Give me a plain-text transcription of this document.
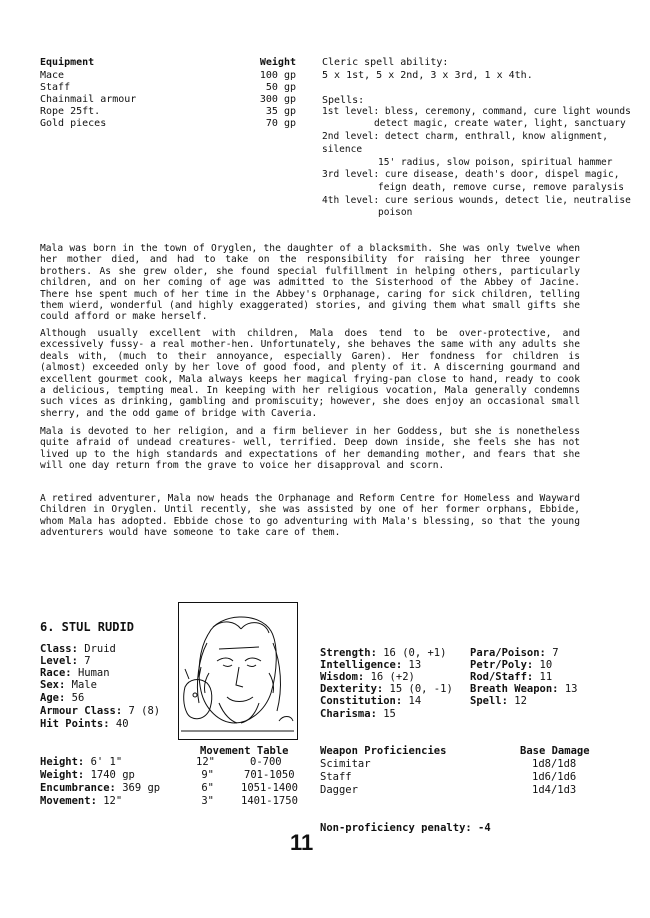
Equipment	Weight
Mace	100 gp
Staff	50 gp
Chainmail armour	300 gp
Rope 25ft.	35 gp
Gold pieces	70 gp
Cleric spell ability:
5 x 1st, 5 x 2nd, 3 x 3rd, 1 x 4th.
Spells:
1st level: bless, ceremony, command, cure light wounds
detect magic, create water, light, sanctuary
2nd level: detect charm, enthrall, know alignment,
silence
15' radius, slow poison, spiritual hammer
3rd level: cure disease, death's door, dispel magic,
feign death, remove curse, remove paralysis
4th level: cure serious wounds, detect lie, neutralise
poison
Mala was born in the town of Oryglen, the daughter of a blacksmith. She was only twelve when her mother died, and had to take on the responsibility for raising her three younger brothers. As she grew older, she found special fulfillment in helping others, particularly children, and on her coming of age was admitted to the Sisterhood of the Abbey of Jacine. There hse spent much of her time in the Abbey's Orphanage, caring for sick children, telling them wierd, wonderful (and highly exaggerated) stories, and giving them what small gifts she could afford or make herself.
Although usually excellent with children, Mala does tend to be over-protective, and excessively fussy- a real mother-hen. Unfortunately, she behaves the same with any adults she deals with, (much to their annoyance, especially Garen). Her fondness for children is (almost) exceeded only by her love of good food, and plenty of it. A discerning gourmand and excellent gourmet cook, Mala always keeps her magical frying-pan close to hand, ready to cook a delicious, tempting meal. In keeping with her religious vocation, Mala generally condemns such vices as drinking, gambling and promiscuity; however, she does enjoy an occasional small sherry, and the odd game of bridge with Caveria.
Mala is devoted to her religion, and a firm believer in her Goddess, but she is nonetheless quite afraid of undead creatures- well, terrified. Deep down inside, she feels she has not lived up to the high standards and expectations of her demanding mother, and fears that she will one day return from the grave to voice her disapproval and scorn.
A retired adventurer, Mala now heads the Orphanage and Reform Centre for Homeless and Wayward Children in Oryglen. Until recently, she was assisted by one of her former orphans, Ebbide, whom Mala has adopted. Ebbide chose to go adventuring with Mala's blessing, so that the young adventurers would have someone to take care of them.
6. STUL RUDID
Class: Druid
Level: 7
Race: Human
Sex: Male
Age: 56
Armour Class: 7 (8)
Hit Points: 40
Height: 6' 1"
Weight: 1740 gp
Encumbrance: 369 gp
Movement: 12"
Movement Table
12"	0-700
9"	701-1050
6"	1051-1400
3"	1401-1750
Strength: 16 (0, +1)
Intelligence: 13
Wisdom: 16 (+2)
Dexterity: 15 (0, -1)
Constitution: 14
Charisma: 15
Para/Poison: 7
Petr/Poly: 10
Rod/Staff: 11
Breath Weapon: 13
Spell: 12
Weapon Proficiencies	Base Damage
Scimitar	1d8/1d8
Staff	1d6/1d6
Dagger	1d4/1d3
Non-proficiency penalty: -4
11
